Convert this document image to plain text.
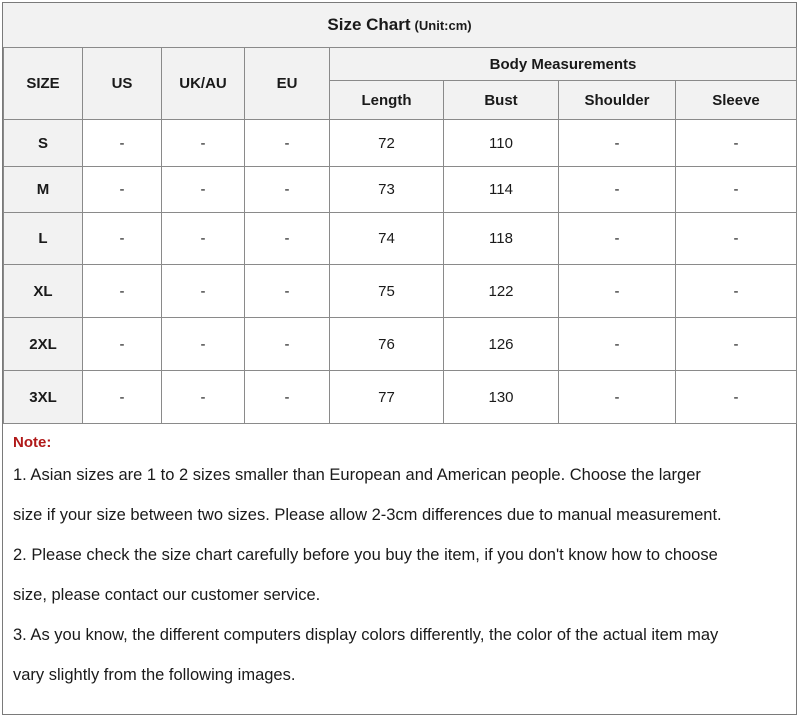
Size Chart (Unit:cm)
SIZE	US	UK/AU	EU	Body Measurements			
				Length	Bust	Shoulder	Sleeve
S	-	-	-	72	110	-	-
M	-	-	-	73	114	-	-
L	-	-	-	74	118	-	-
XL	-	-	-	75	122	-	-
2XL	-	-	-	76	126	-	-
3XL	-	-	-	77	130	-	-
Note:
1. Asian sizes are 1 to 2 sizes smaller than European and American people. Choose the larger
size if your size between two sizes. Please allow 2-3cm differences due to manual measurement.
2. Please check the size chart carefully before you buy the item, if you don't know how to choose
size, please contact our customer service.
3. As you know, the different computers display colors differently, the color of the actual item may
vary slightly from the following images.
